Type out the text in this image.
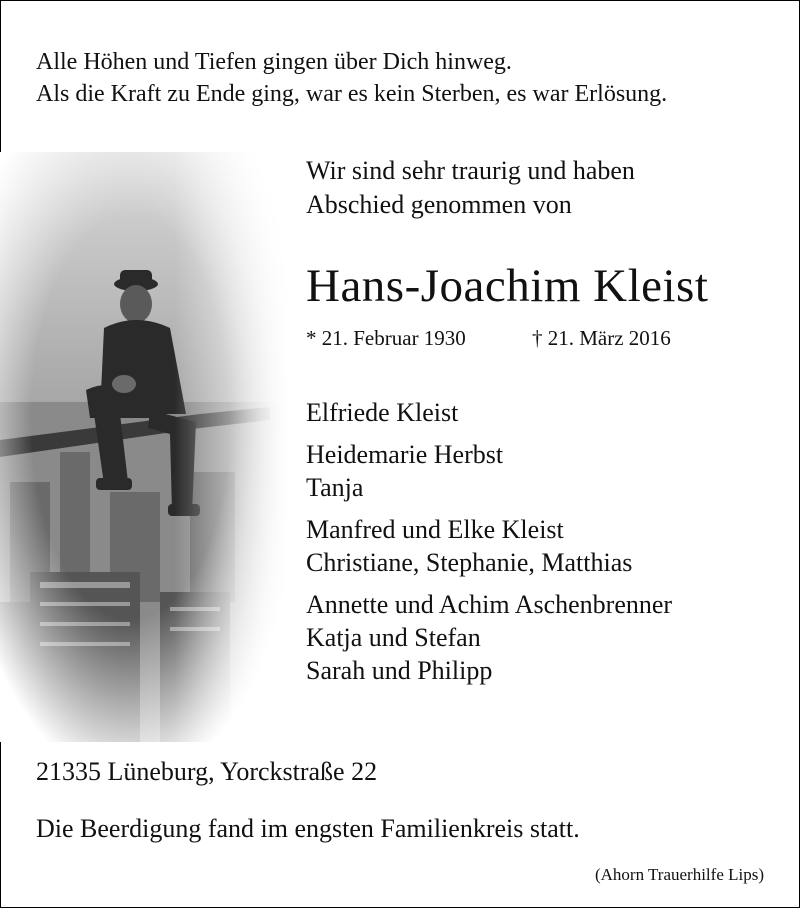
Alle Höhen und Tiefen gingen über Dich hinweg.
Als die Kraft zu Ende ging, war es kein Sterben, es war Erlösung.
Wir sind sehr traurig und haben
Abschied genommen von
Hans-Joachim Kleist
* 21. Februar 1930	† 21. März 2016
Elfriede Kleist
Heidemarie Herbst
Tanja
Manfred und Elke Kleist
Christiane, Stephanie, Matthias
Annette und Achim Aschenbrenner
Katja und Stefan
Sarah und Philipp
21335 Lüneburg, Yorckstraße 22
Die Beerdigung fand im engsten Familienkreis statt.
(Ahorn Trauerhilfe Lips)
